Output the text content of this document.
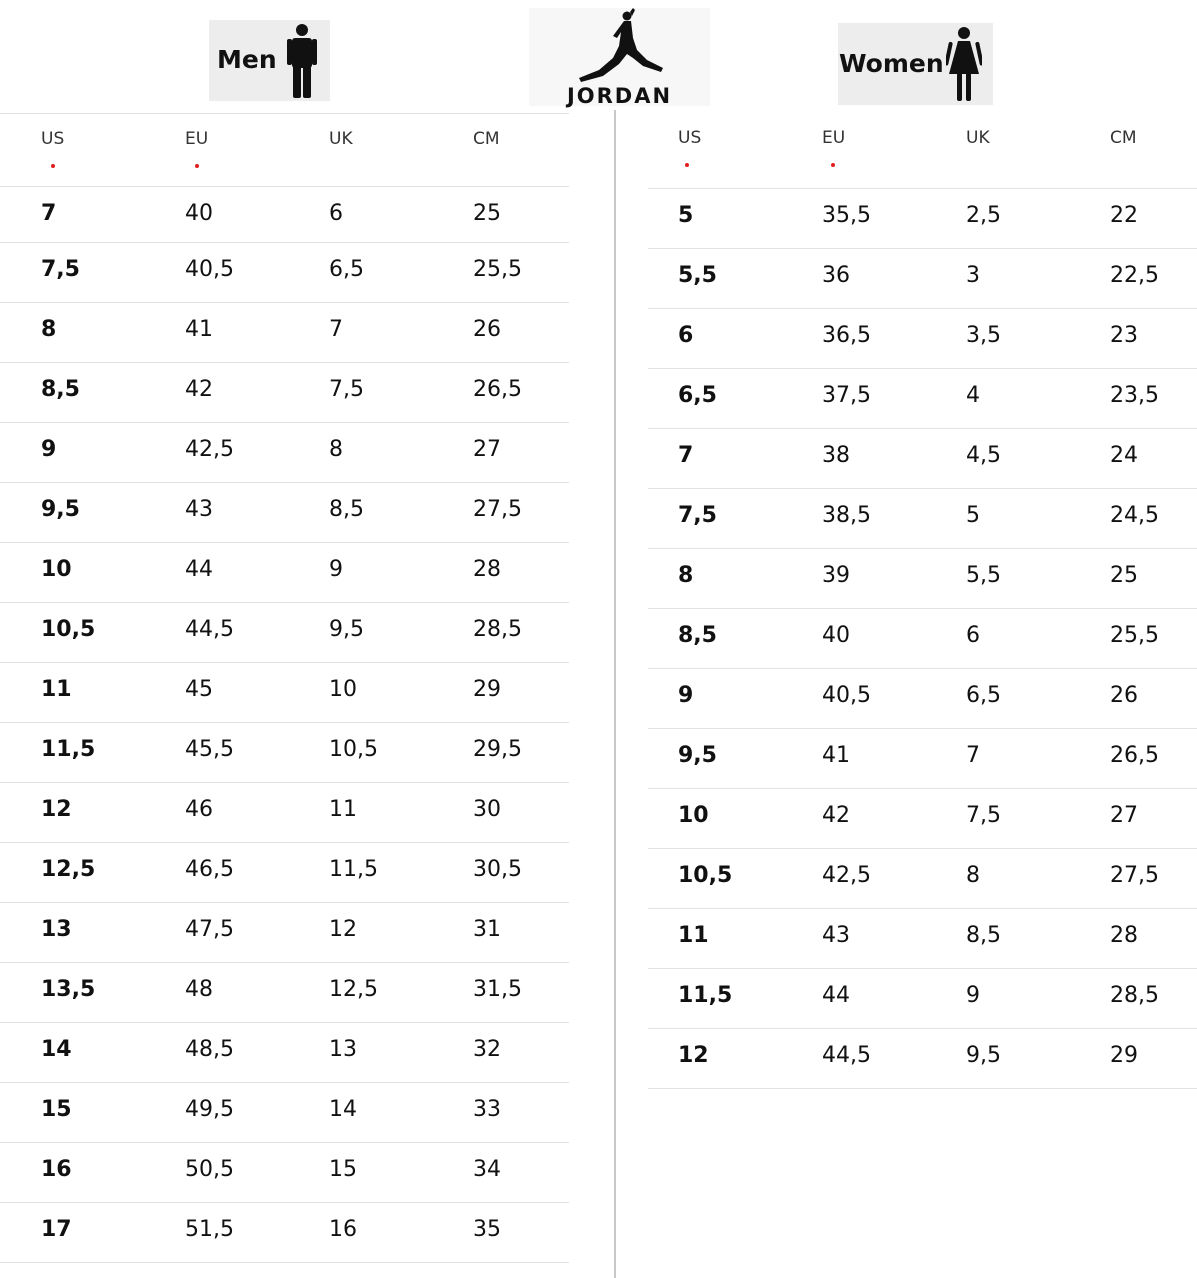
Men
JORDAN
Women
US	EU	UK	CM
7	40	6	25
7,5	40,5	6,5	25,5
8	41	7	26
8,5	42	7,5	26,5
9	42,5	8	27
9,5	43	8,5	27,5
10	44	9	28
10,5	44,5	9,5	28,5
11	45	10	29
11,5	45,5	10,5	29,5
12	46	11	30
12,5	46,5	11,5	30,5
13	47,5	12	31
13,5	48	12,5	31,5
14	48,5	13	32
15	49,5	14	33
16	50,5	15	34
17	51,5	16	35
US	EU	UK	CM
5	35,5	2,5	22
5,5	36	3	22,5
6	36,5	3,5	23
6,5	37,5	4	23,5
7	38	4,5	24
7,5	38,5	5	24,5
8	39	5,5	25
8,5	40	6	25,5
9	40,5	6,5	26
9,5	41	7	26,5
10	42	7,5	27
10,5	42,5	8	27,5
11	43	8,5	28
11,5	44	9	28,5
12	44,5	9,5	29
